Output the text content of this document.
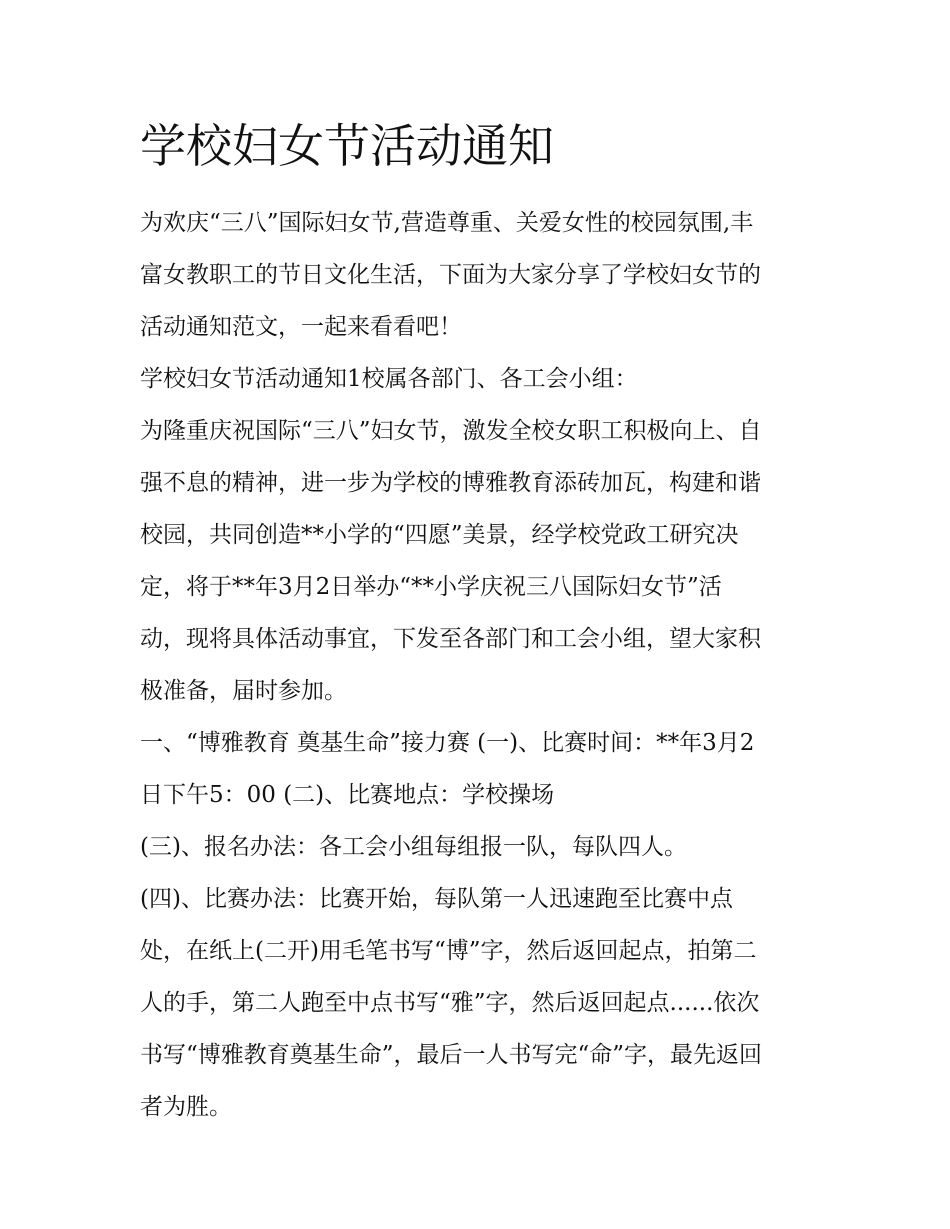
学校妇女节活动通知
为欢庆“三八”国际妇女节,营造尊重、关爱女性的校园氛围,丰
富女教职工的节日文化生活，下面为大家分享了学校妇女节的
活动通知范文，一起来看看吧！
学校妇女节活动通知1校属各部门、各工会小组：
为隆重庆祝国际“三八”妇女节，激发全校女职工积极向上、自
强不息的精神，进一步为学校的博雅教育添砖加瓦，构建和谐
校园，共同创造**小学的“四愿”美景，经学校党政工研究决
定，将于**年3月2日举办“**小学庆祝三八国际妇女节”活
动，现将具体活动事宜，下发至各部门和工会小组，望大家积
极准备，届时参加。
一、“博雅教育 奠基生命”接力赛 (一)、比赛时间：**年3月2
日下午5：00 (二)、比赛地点：学校操场
(三)、报名办法：各工会小组每组报一队，每队四人。
(四)、比赛办法：比赛开始，每队第一人迅速跑至比赛中点
处，在纸上(二开)用毛笔书写“博”字，然后返回起点，拍第二
人的手，第二人跑至中点书写“雅”字，然后返回起点......依次
书写“博雅教育奠基生命”，最后一人书写完“命”字，最先返回
者为胜。
